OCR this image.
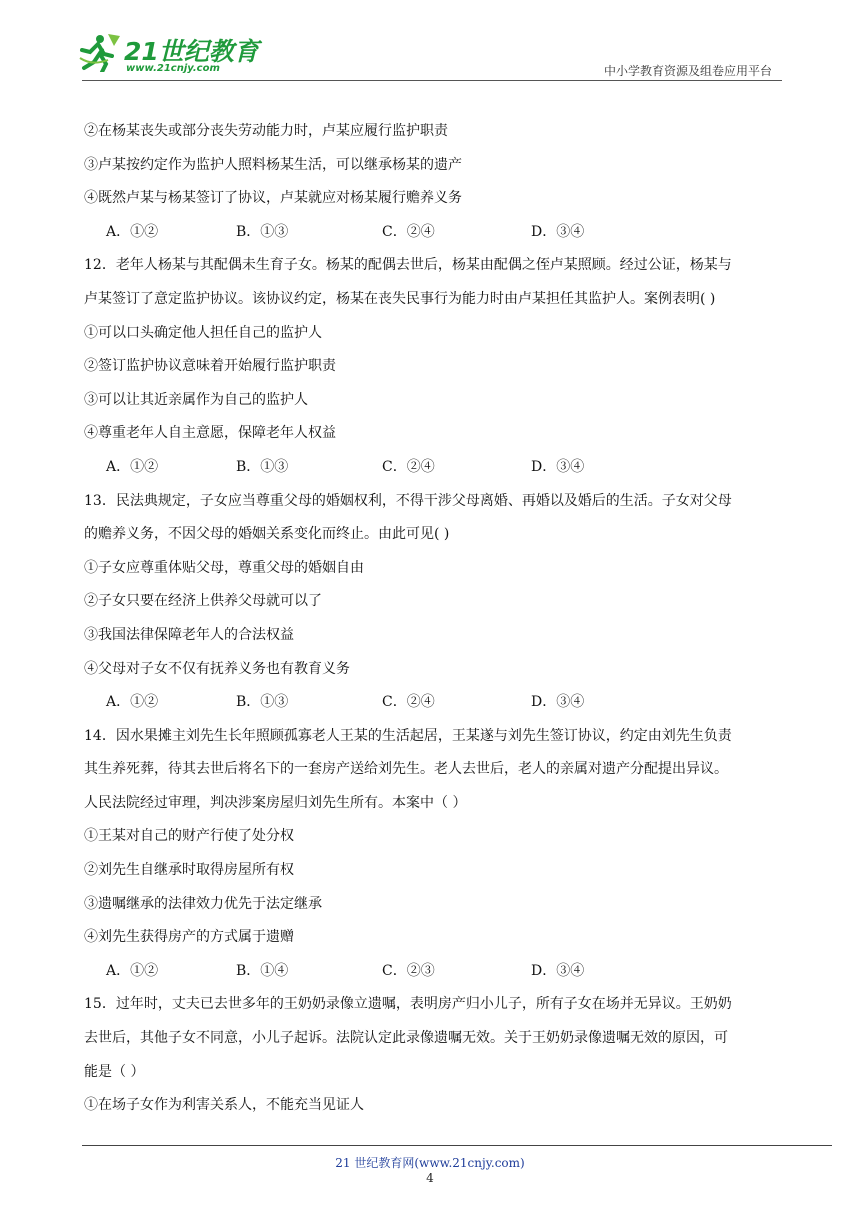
21世纪教育
www.21cnjy.com	中小学教育资源及组卷应用平台
②在杨某丧失或部分丧失劳动能力时，卢某应履行监护职责
③卢某按约定作为监护人照料杨某生活，可以继承杨某的遗产
④既然卢某与杨某签订了协议，卢某就应对杨某履行赡养义务
A．①②	B．①③	C．②④	D．③④
12．老年人杨某与其配偶未生育子女。杨某的配偶去世后，杨某由配偶之侄卢某照顾。经过公证，杨某与
卢某签订了意定监护协议。该协议约定，杨某在丧失民事行为能力时由卢某担任其监护人。案例表明( )
①可以口头确定他人担任自己的监护人
②签订监护协议意味着开始履行监护职责
③可以让其近亲属作为自己的监护人
④尊重老年人自主意愿，保障老年人权益
A．①②	B．①③	C．②④	D．③④
13．民法典规定，子女应当尊重父母的婚姻权利，不得干涉父母离婚、再婚以及婚后的生活。子女对父母
的赡养义务，不因父母的婚姻关系变化而终止。由此可见( )
①子女应尊重体贴父母，尊重父母的婚姻自由
②子女只要在经济上供养父母就可以了
③我国法律保障老年人的合法权益
④父母对子女不仅有抚养义务也有教育义务
A．①②	B．①③	C．②④	D．③④
14．因水果摊主刘先生长年照顾孤寡老人王某的生活起居，王某遂与刘先生签订协议，约定由刘先生负责
其生养死葬，待其去世后将名下的一套房产送给刘先生。老人去世后，老人的亲属对遗产分配提出异议。
人民法院经过审理，判决涉案房屋归刘先生所有。本案中（ ）
①王某对自己的财产行使了处分权
②刘先生自继承时取得房屋所有权
③遗嘱继承的法律效力优先于法定继承
④刘先生获得房产的方式属于遗赠
A．①②	B．①④	C．②③	D．③④
15．过年时，丈夫已去世多年的王奶奶录像立遗嘱，表明房产归小儿子，所有子女在场并无异议。王奶奶
去世后，其他子女不同意，小儿子起诉。法院认定此录像遗嘱无效。关于王奶奶录像遗嘱无效的原因，可
能是（ ）
①在场子女作为利害关系人，不能充当见证人
21 世纪教育网(www.21cnjy.com)
4
